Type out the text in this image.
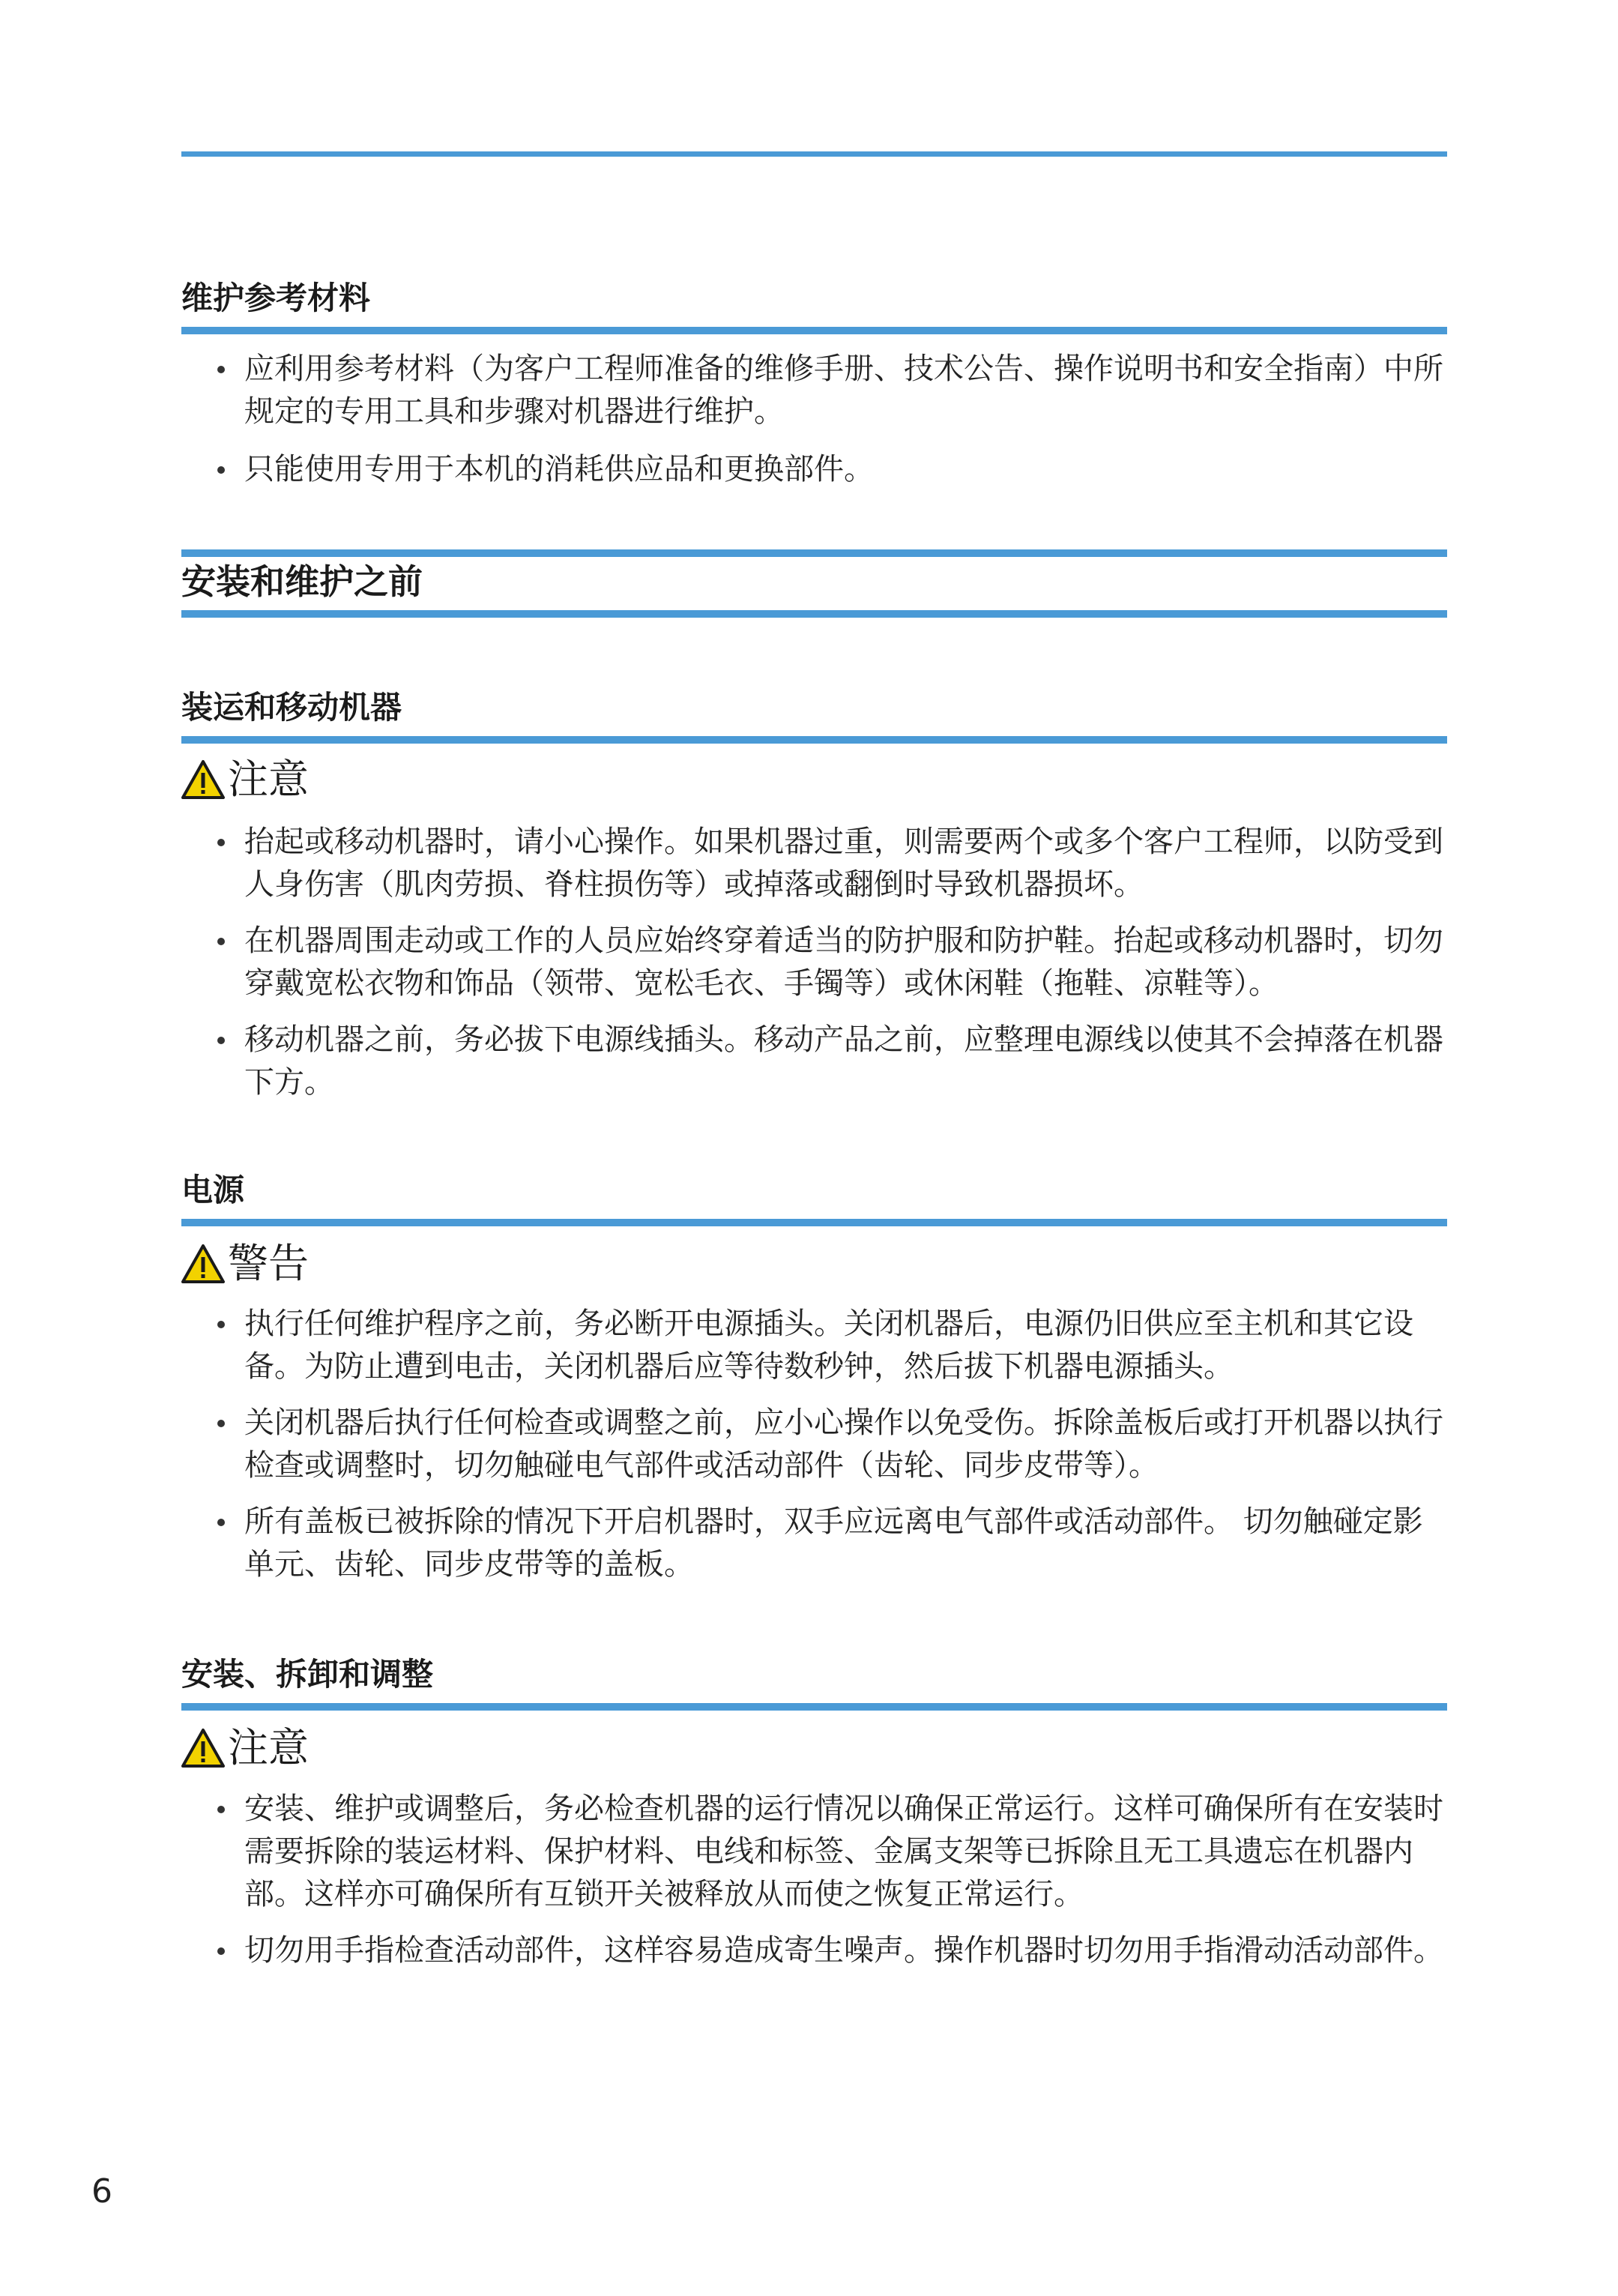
维护参考材料
应利用参考材料（为客户工程师准备的维修手册、技术公告、操作说明书和安全指南）中所规定的专用工具和步骤对机器进行维护。
只能使用专用于本机的消耗供应品和更换部件。
安装和维护之前
装运和移动机器
注意
抬起或移动机器时，请小心操作。如果机器过重，则需要两个或多个客户工程师，以防受到人身伤害（肌肉劳损、脊柱损伤等）或掉落或翻倒时导致机器损坏。
在机器周围走动或工作的人员应始终穿着适当的防护服和防护鞋。抬起或移动机器时，切勿穿戴宽松衣物和饰品（领带、宽松毛衣、手镯等）或休闲鞋（拖鞋、凉鞋等）。
移动机器之前，务必拔下电源线插头。移动产品之前，应整理电源线以使其不会掉落在机器下方。
电源
警告
执行任何维护程序之前，务必断开电源插头。关闭机器后，电源仍旧供应至主机和其它设备。为防止遭到电击，关闭机器后应等待数秒钟，然后拔下机器电源插头。
关闭机器后执行任何检查或调整之前，应小心操作以免受伤。拆除盖板后或打开机器以执行检查或调整时，切勿触碰电气部件或活动部件（齿轮、同步皮带等）。
所有盖板已被拆除的情况下开启机器时，双手应远离电气部件或活动部件。 切勿触碰定影单元、齿轮、同步皮带等的盖板。
安装、拆卸和调整
注意
安装、维护或调整后，务必检查机器的运行情况以确保正常运行。这样可确保所有在安装时需要拆除的装运材料、保护材料、电线和标签、金属支架等已拆除且无工具遗忘在机器内部。这样亦可确保所有互锁开关被释放从而使之恢复正常运行。
切勿用手指检查活动部件，这样容易造成寄生噪声。操作机器时切勿用手指滑动活动部件。
6
